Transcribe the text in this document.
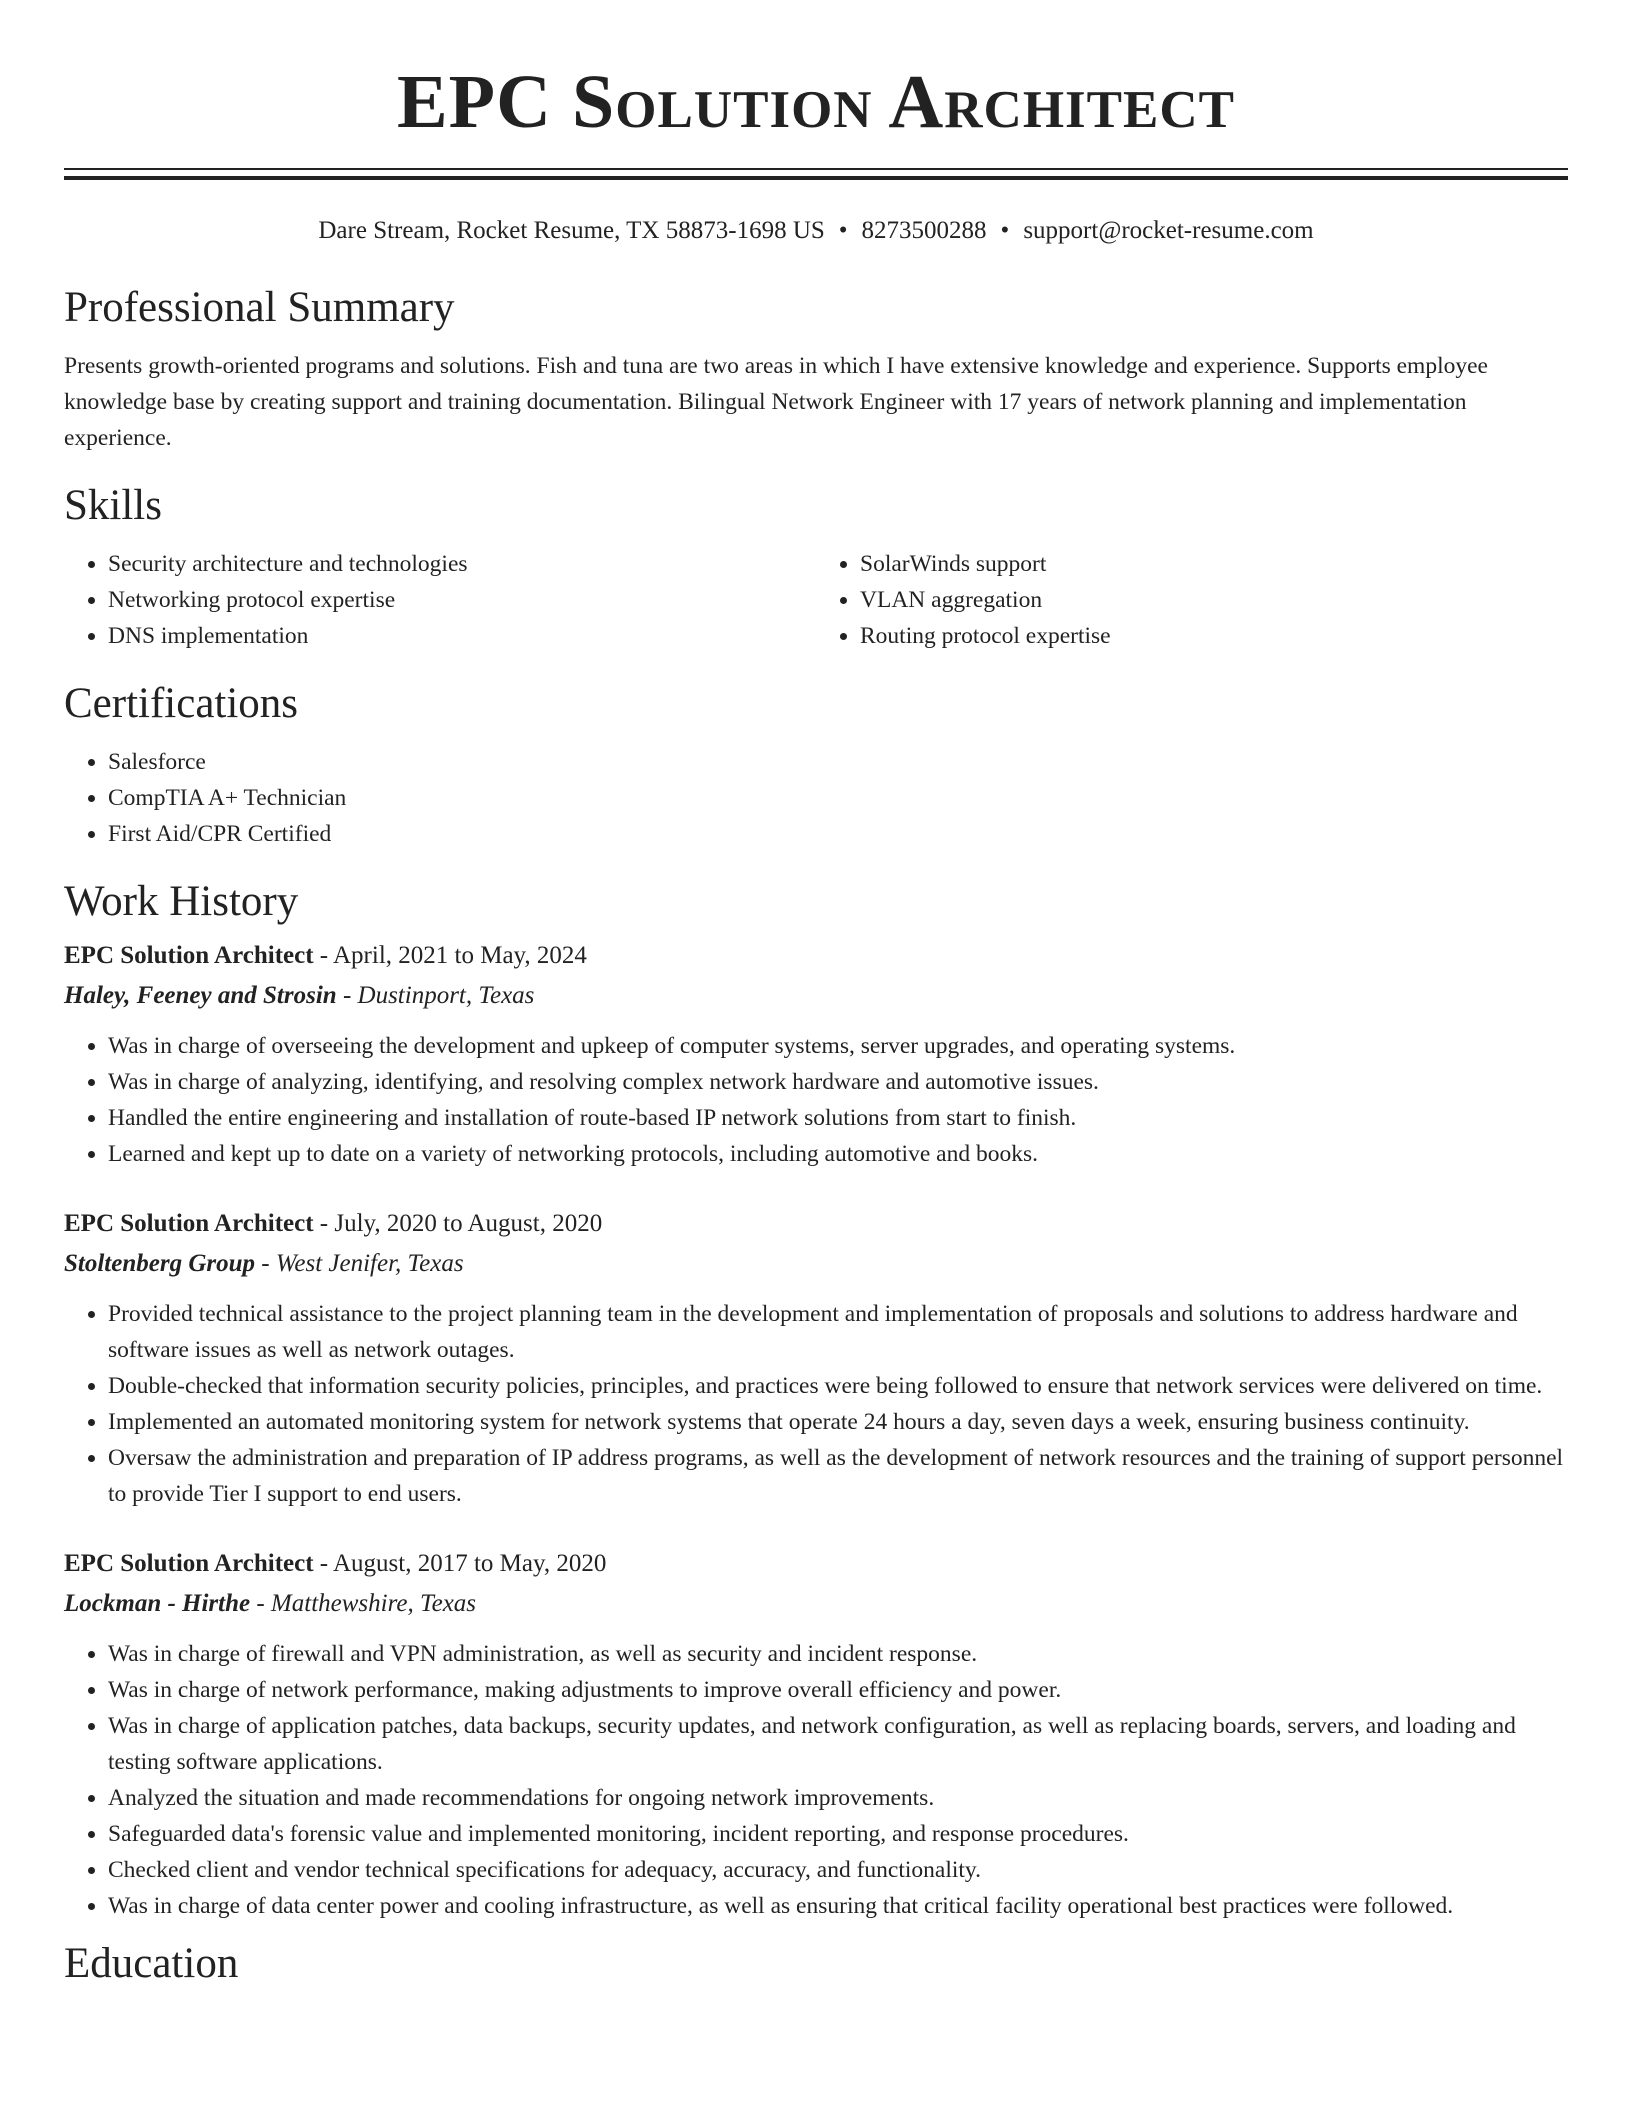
EPC Solution Architect
Dare Stream, Rocket Resume, TX 58873-1698 US • 8273500288 • support@rocket-resume.com
Professional Summary

Presents growth-oriented programs and solutions. Fish and tuna are two areas in which I have extensive knowledge and experience. Supports employee knowledge base by creating support and training documentation. Bilingual Network Engineer with 17 years of network planning and implementation experience.

Skills
• Security architecture and technologies
• Networking protocol expertise
• DNS implementation
• SolarWinds support
• VLAN aggregation
• Routing protocol expertise
Certifications
• Salesforce
• CompTIA A+ Technician
• First Aid/CPR Certified
Work History
EPC Solution Architect - April, 2021 to May, 2024
Haley, Feeney and Strosin - Dustinport, Texas
• Was in charge of overseeing the development and upkeep of computer systems, server upgrades, and operating systems.
• Was in charge of analyzing, identifying, and resolving complex network hardware and automotive issues.
• Handled the entire engineering and installation of route-based IP network solutions from start to finish.
• Learned and kept up to date on a variety of networking protocols, including automotive and books.
EPC Solution Architect - July, 2020 to August, 2020
Stoltenberg Group - West Jenifer, Texas
• Provided technical assistance to the project planning team in the development and implementation of proposals and solutions to address hardware and software issues as well as network outages.
• Double-checked that information security policies, principles, and practices were being followed to ensure that network services were delivered on time.
• Implemented an automated monitoring system for network systems that operate 24 hours a day, seven days a week, ensuring business continuity.
• Oversaw the administration and preparation of IP address programs, as well as the development of network resources and the training of support personnel to provide Tier I support to end users.
EPC Solution Architect - August, 2017 to May, 2020
Lockman - Hirthe - Matthewshire, Texas
• Was in charge of firewall and VPN administration, as well as security and incident response.
• Was in charge of network performance, making adjustments to improve overall efficiency and power.
• Was in charge of application patches, data backups, security updates, and network configuration, as well as replacing boards, servers, and loading and testing software applications.
• Analyzed the situation and made recommendations for ongoing network improvements.
• Safeguarded data's forensic value and implemented monitoring, incident reporting, and response procedures.
• Checked client and vendor technical specifications for adequacy, accuracy, and functionality.
• Was in charge of data center power and cooling infrastructure, as well as ensuring that critical facility operational best practices were followed.
Education
